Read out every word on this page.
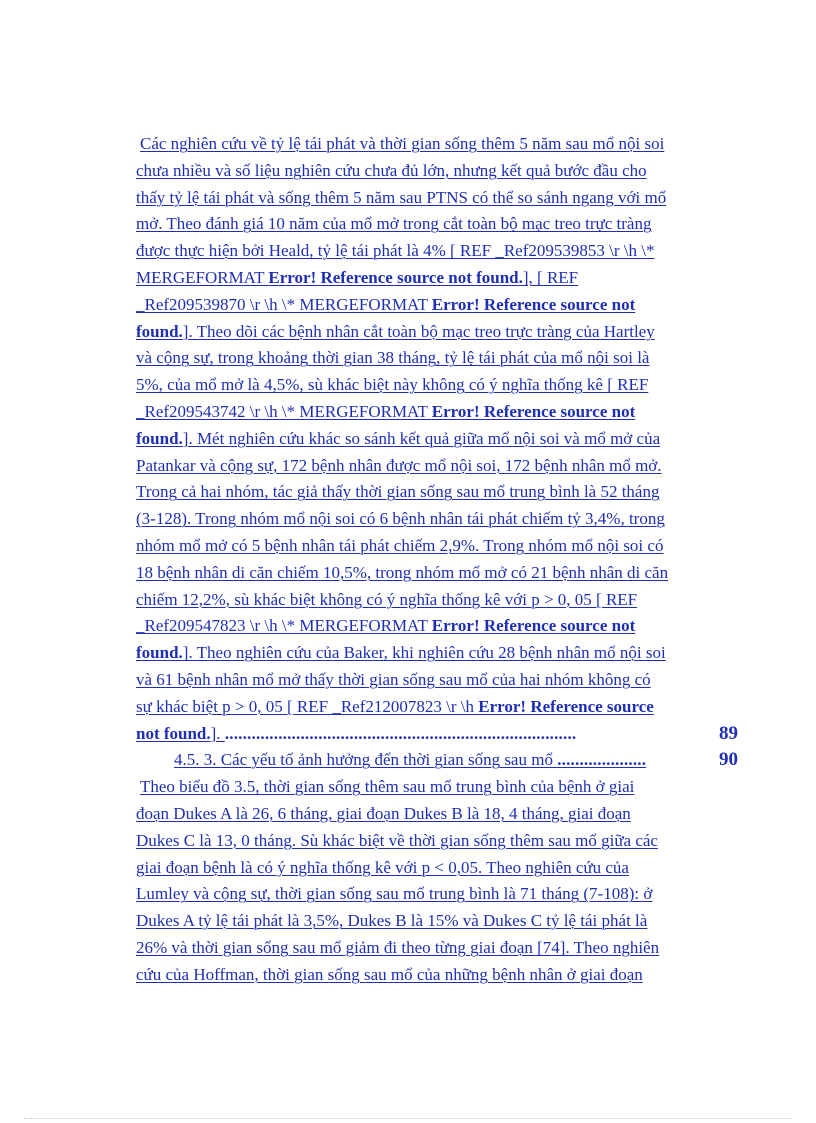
Các nghiên cứu về tỷ lệ tái phát và thời gian sống thêm 5 năm sau mổ nội soi
chưa nhiều và số liệu nghiên cứu chưa đủ lớn, nhưng kết quả bước đầu cho
thấy tỷ lệ tái phát và sống thêm 5 năm sau PTNS có thể so sánh ngang với mổ
mở. Theo đánh giá 10 năm của mổ mở trong cắt toàn bộ mạc treo trực tràng
được thực hiện bởi Heald, tỷ lệ tái phát là 4% [ REF _Ref209539853 \r \h \*
MERGEFORMAT Error! Reference source not found.], [ REF
_Ref209539870 \r \h \* MERGEFORMAT Error! Reference source not
found.]. Theo dõi các bệnh nhân cắt toàn bộ mạc treo trực tràng của Hartley
và cộng sự, trong khoảng thời gian 38 tháng, tỷ lệ tái phát của mổ nội soi là
5%, của mổ mở là 4,5%, sù khác biệt này không có ý nghĩa thống kê [ REF
_Ref209543742 \r \h \* MERGEFORMAT Error! Reference source not
found.]. Mét nghiên cứu khác so sánh kết quả giữa mổ nội soi và mổ mở của
Patankar và cộng sự, 172 bệnh nhân được mổ nội soi, 172 bệnh nhân mổ mở.
Trong cả hai nhóm, tác giả thấy thời gian sống sau mổ trung bình là 52 tháng
(3-128). Trong nhóm mổ nội soi có 6 bệnh nhân tái phát chiếm tỷ 3,4%, trong
nhóm mổ mở có 5 bệnh nhân tái phát chiếm 2,9%. Trong nhóm mổ nội soi có
18 bệnh nhân di căn chiếm 10,5%, trong nhóm mổ mở có 21 bệnh nhân di căn
chiếm 12,2%, sù khác biệt không có ý nghĩa thống kê với p > 0, 05 [ REF
_Ref209547823 \r \h \* MERGEFORMAT Error! Reference source not
found.]. Theo nghiên cứu của Baker, khi nghiên cứu 28 bệnh nhân mổ nội soi
và 61 bệnh nhân mổ mở thấy thời gian sống sau mổ của hai nhóm không có
sự khác biệt p > 0, 05 [ REF _Ref212007823 \r \h Error! Reference source
not found.]. ...............................................................................	89
4.5. 3. Các yếu tố ảnh hưởng đến thời gian sống sau mổ ....................	90
Theo biểu đồ 3.5, thời gian sống thêm sau mổ trung bình của bệnh ở giai
đoạn Dukes A là 26, 6 tháng, giai đoạn Dukes B là 18, 4 tháng, giai đoạn
Dukes C là 13, 0 tháng. Sù khác biệt về thời gian sống thêm sau mổ giữa các
giai đoạn bệnh là có ý nghĩa thống kê với p < 0,05. Theo nghiên cứu của
Lumley và cộng sự, thời gian sống sau mổ trung bình là 71 tháng (7-108): ở
Dukes A tỷ lệ tái phát là 3,5%, Dukes B là 15% và Dukes C tỷ lệ tái phát là
26% và thời gian sống sau mổ giảm đi theo từng giai đoạn [74]. Theo nghiên
cứu của Hoffman, thời gian sống sau mổ của những bệnh nhân ở giai đoạn
